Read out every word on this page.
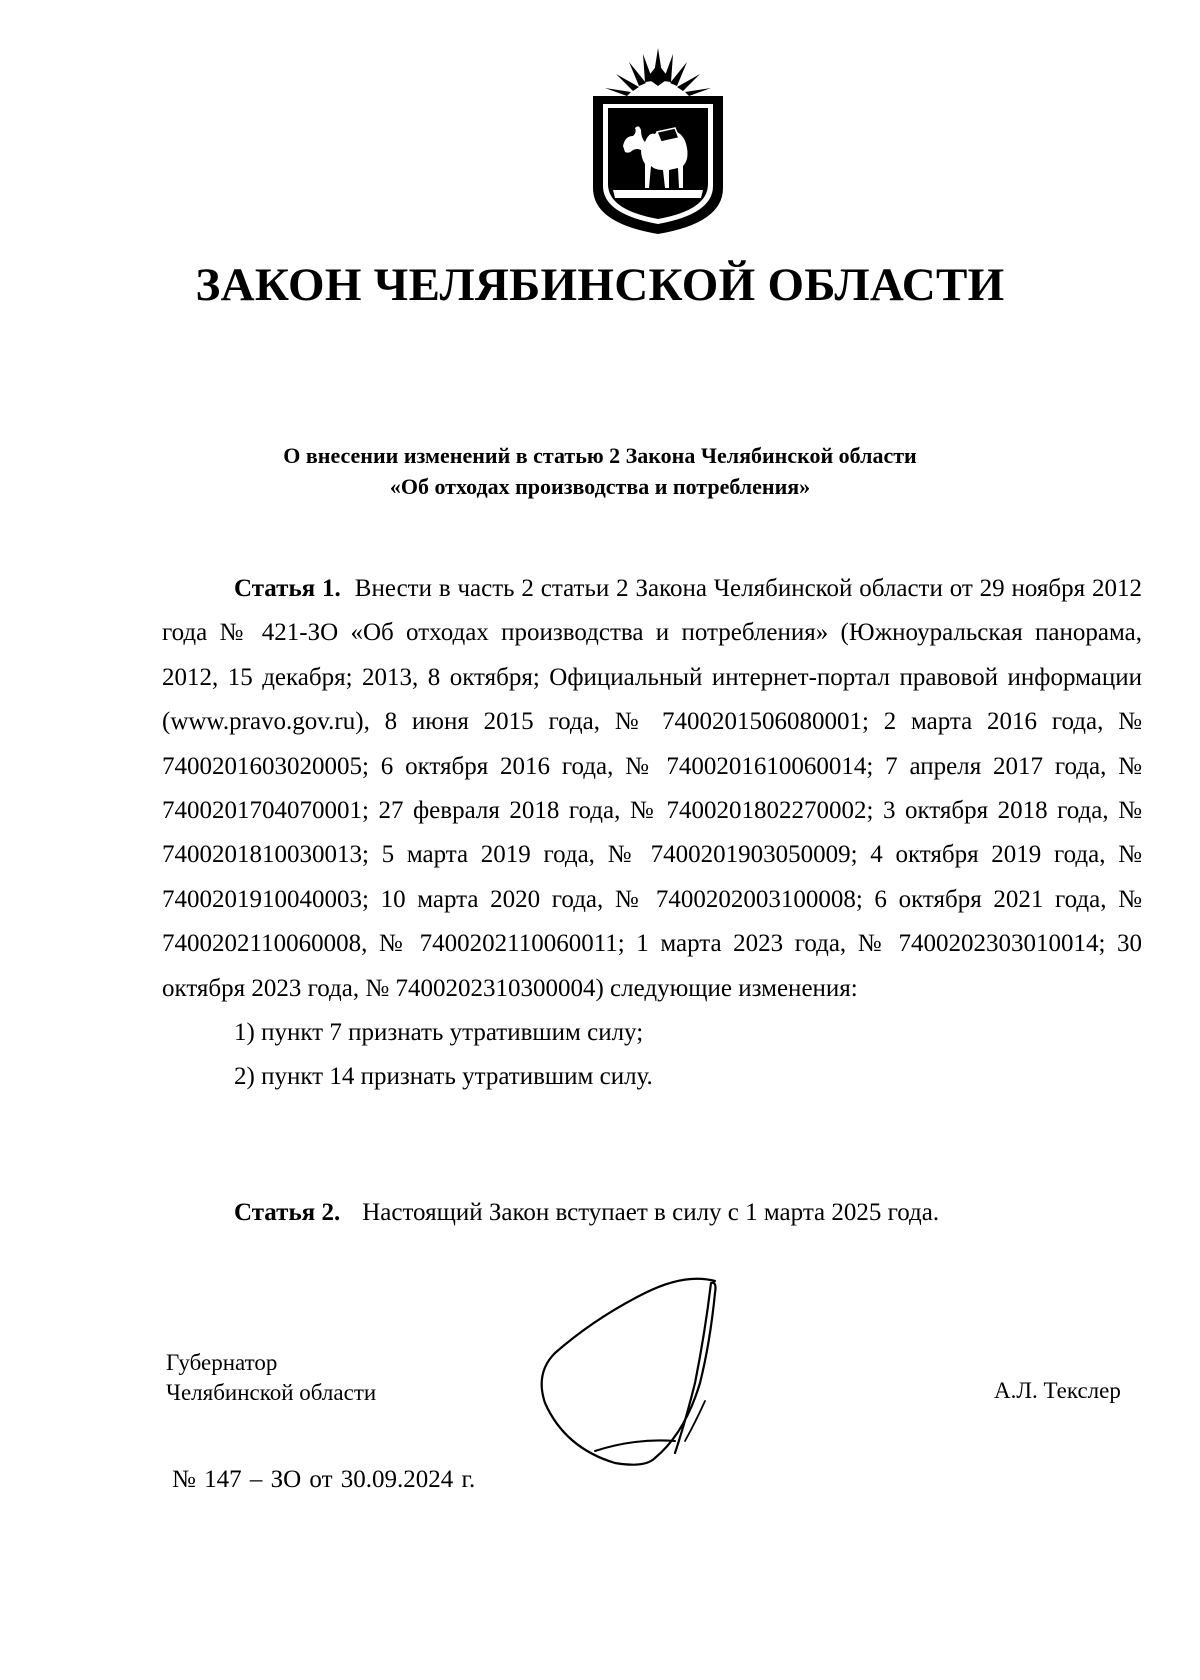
ЗАКОН ЧЕЛЯБИНСКОЙ ОБЛАСТИ
О внесении изменений в статью 2 Закона Челябинской области
«Об отходах производства и потребления»

Статья 1. Внести в часть 2 статьи 2 Закона Челябинской области от 29 ноября 2012 года № 421-ЗО «Об отходах производства и потребления» (Южноуральская панорама, 2012, 15 декабря; 2013, 8 октября; Официальный интернет-портал правовой информации (www.pravo.gov.ru), 8 июня 2015 года, № 7400201506080001; 2 марта 2016 года, № 7400201603020005; 6 октября 2016 года, № 7400201610060014; 7 апреля 2017 года, № 7400201704070001; 27 февраля 2018 года, № 7400201802270002; 3 октября 2018 года, № 7400201810030013; 5 марта 2019 года, № 7400201903050009; 4 октября 2019 года, № 7400201910040003; 10 марта 2020 года, № 7400202003100008; 6 октября 2021 года, № 7400202110060008, № 7400202110060011; 1 марта 2023 года, № 7400202303010014; 30 октября 2023 года, № 7400202310300004) следующие изменения:

1) пункт 7 признать утратившим силу;

2) пункт 14 признать утратившим силу.

Статья 2. Настоящий Закон вступает в силу с 1 марта 2025 года.
Губернатор
Челябинской области	А.Л. Текслер
№ 147 – ЗО от 30.09.2024 г.
